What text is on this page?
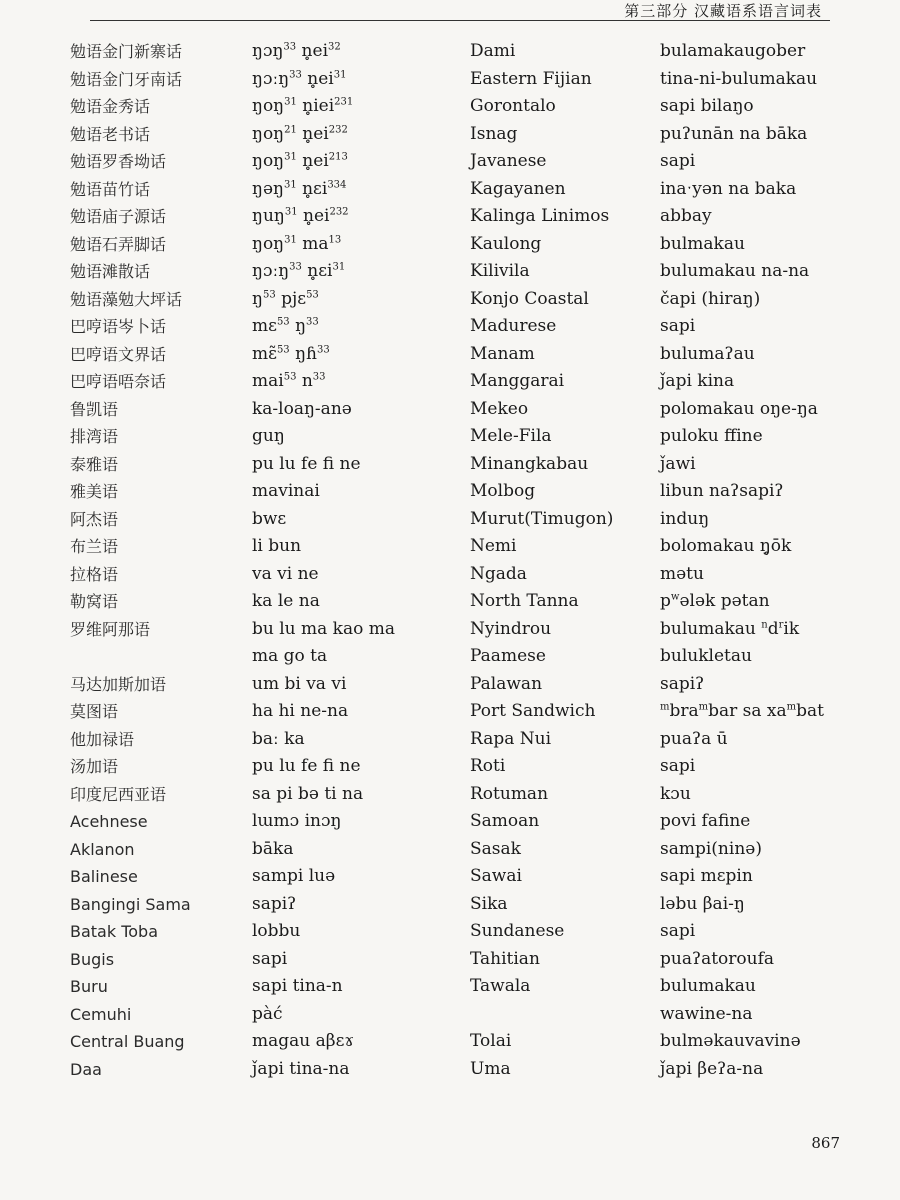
第三部分 汉藏语系语言词表
勉语金门新寨话
勉语金门牙南话
勉语金秀话
勉语老书话
勉语罗香坳话
勉语苗竹话
勉语庙子源话
勉语石弄脚话
勉语滩散话
勉语藻勉大坪话
巴哼语岑卜话
巴哼语文界话
巴哼语唔奈话
鲁凯语
排湾语
泰雅语
雅美语
阿杰语
布兰语
拉格语
勒窝语
罗维阿那语

马达加斯加语
莫图语
他加禄语
汤加语
印度尼西亚语
Acehnese
Aklanon
Balinese
Bangingi Sama
Batak Toba
Bugis
Buru
Cemuhi
Central Buang
Daa
ŋɔŋ$^{33}$ $n̥ei^{32}$
ŋɔːŋ$^{33}$ $n̥ei^{31}$
ŋoŋ$^{31}$ n̥iei$^{231}$
ŋoŋ$^{21}$ $n̥ei^{232}$
ŋoŋ$^{31}$ $n̥ei^{213}$
ŋəŋ$^{31}$ n̥ɛi$^{334}$
ŋuŋ$^{31}$ $n̥ei^{232}$
ŋoŋ$^{31}$ $ma^{13}$
ŋɔːŋ$^{33}$ n̥ɛi$^{31}$
$ŋ^{53}$ pjɛ$^{53}$
mɛ$^{53}$ $ŋ^{33}$
mɛ̃$^{53}$ ŋɦ$^{33}$
mai$^{53}$ $n^{33}$
ka-loaŋ-anə
guŋ
pu lu fe fi ne
mavinai
bwɛ
li bun
va vi ne
ka le na
bu lu ma kao ma
ma go ta
um bi va vi
ha hi ne-na
baː ka
pu lu fe fi ne
sa pi bə ti na
lɯmɔ inɔŋ
bāka
sampi luə
sapiʔ
lobbu
sapi
sapi tina-n
pàć
magau aβɛɤ
ǰapi tina-na
Dami
Eastern Fijian
Gorontalo
Isnag
Javanese
Kagayanen
Kalinga Linimos
Kaulong
Kilivila
Konjo Coastal
Madurese
Manam
Manggarai
Mekeo
Mele-Fila
Minangkabau
Molbog
Murut(Timugon)
Nemi
Ngada
North Tanna
Nyindrou
Paamese
Palawan
Port Sandwich
Rapa Nui
Roti
Rotuman
Samoan
Sasak
Sawai
Sika
Sundanese
Tahitian
Tawala

Tolai
Uma
bulamakaugober
tina-ni-bulumakau
sapi bilaŋo
puʔunān na bāka
sapi
inaˑyən na baka
abbay
bulmakau
bulumakau na-na
čapi (hiraŋ)
sapi
bulumaʔau
ǰapi kina
polomakau oŋe-ŋa
puloku ffine
ǰawi
libun naʔsapiʔ
induŋ
bolomakau ŋ̥ōk
mətu
$p^wələk$ pətan
bulumakau $^nd^rik$
bulukletau
sapiʔ
$^m$bra$^m$bar sa $xa^mbat$
puaʔa ū
sapi
kɔu
povi fafine
sampi(ninə)
sapi mɛpin
ləbu βai-ŋ
sapi
puaʔatoroufa
bulumakau
wawine-na
bulməkauvavinə
ǰapi βeʔa-na
867
